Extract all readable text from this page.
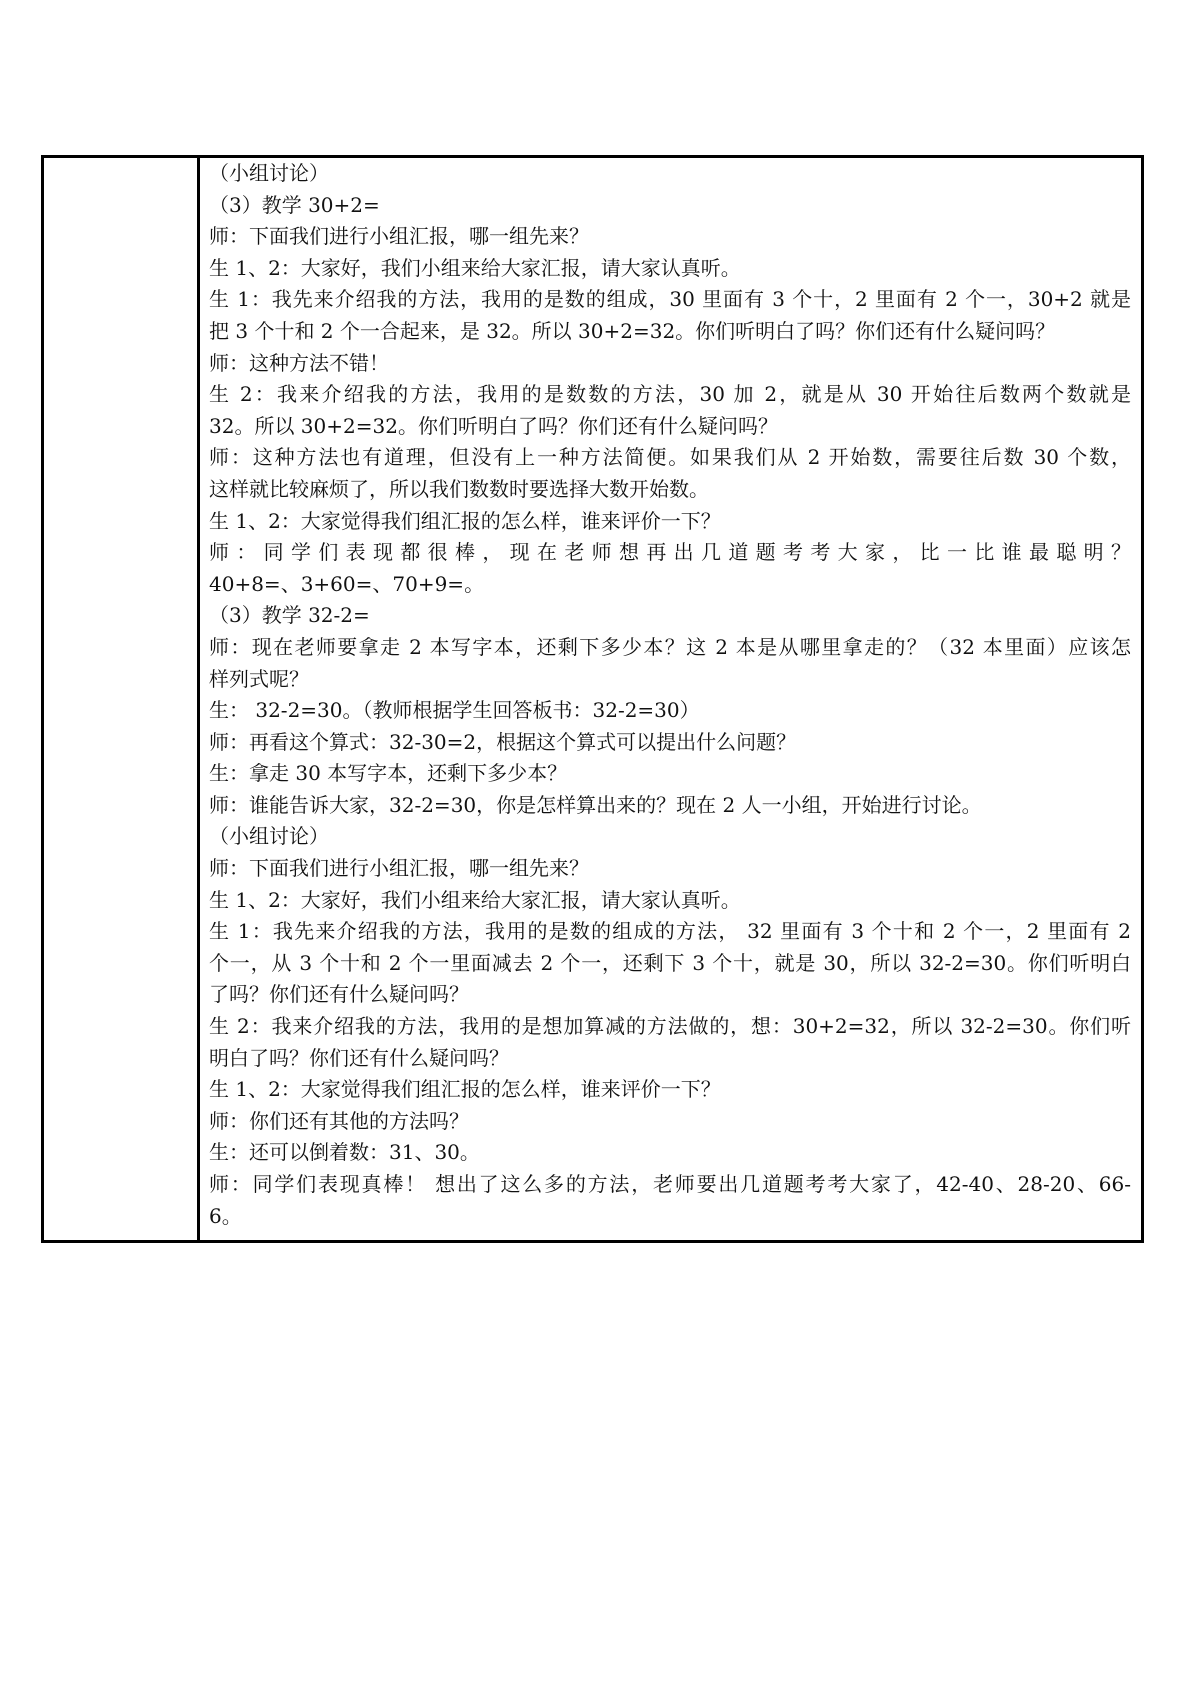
（小组讨论）
（3）教学 30+2=
师：下面我们进行小组汇报，哪一组先来？
生 1、2：大家好，我们小组来给大家汇报，请大家认真听。
生 1：我先来介绍我的方法，我用的是数的组成，30 里面有 3 个十，2 里面有 2 个一，30+2 就是
把 3 个十和 2 个一合起来，是 32。所以 30+2=32。你们听明白了吗？你们还有什么疑问吗？
师：这种方法不错！
生 2：我来介绍我的方法，我用的是数数的方法，30 加 2，就是从 30 开始往后数两个数就是
32。所以 30+2=32。你们听明白了吗？你们还有什么疑问吗？
师：这种方法也有道理，但没有上一种方法简便。如果我们从 2 开始数，需要往后数 30 个数，
这样就比较麻烦了，所以我们数数时要选择大数开始数。
生 1、2：大家觉得我们组汇报的怎么样，谁来评价一下？
师：同学们表现都很棒，现在老师想再出几道题考考大家，比一比谁最聪明？
40+8=、3+60=、70+9=。
（3）教学 32-2=
师：现在老师要拿走 2 本写字本，还剩下多少本？这 2 本是从哪里拿走的？（32 本里面）应该怎
样列式呢？
生： 32-2=30。（教师根据学生回答板书：32-2=30）
师：再看这个算式：32-30=2，根据这个算式可以提出什么问题？
生：拿走 30 本写字本，还剩下多少本？
师：谁能告诉大家，32-2=30，你是怎样算出来的？现在 2 人一小组，开始进行讨论。
（小组讨论）
师：下面我们进行小组汇报，哪一组先来？
生 1、2：大家好，我们小组来给大家汇报，请大家认真听。
生 1：我先来介绍我的方法，我用的是数的组成的方法， 32 里面有 3 个十和 2 个一，2 里面有 2
个一，从 3 个十和 2 个一里面减去 2 个一，还剩下 3 个十，就是 30，所以 32-2=30。你们听明白
了吗？你们还有什么疑问吗？
生 2：我来介绍我的方法，我用的是想加算减的方法做的，想：30+2=32，所以 32-2=30。你们听
明白了吗？你们还有什么疑问吗？
生 1、2：大家觉得我们组汇报的怎么样，谁来评价一下？
师：你们还有其他的方法吗？
生：还可以倒着数：31、30。
师：同学们表现真棒！ 想出了这么多的方法，老师要出几道题考考大家了，42-40、28-20、66-
6。
